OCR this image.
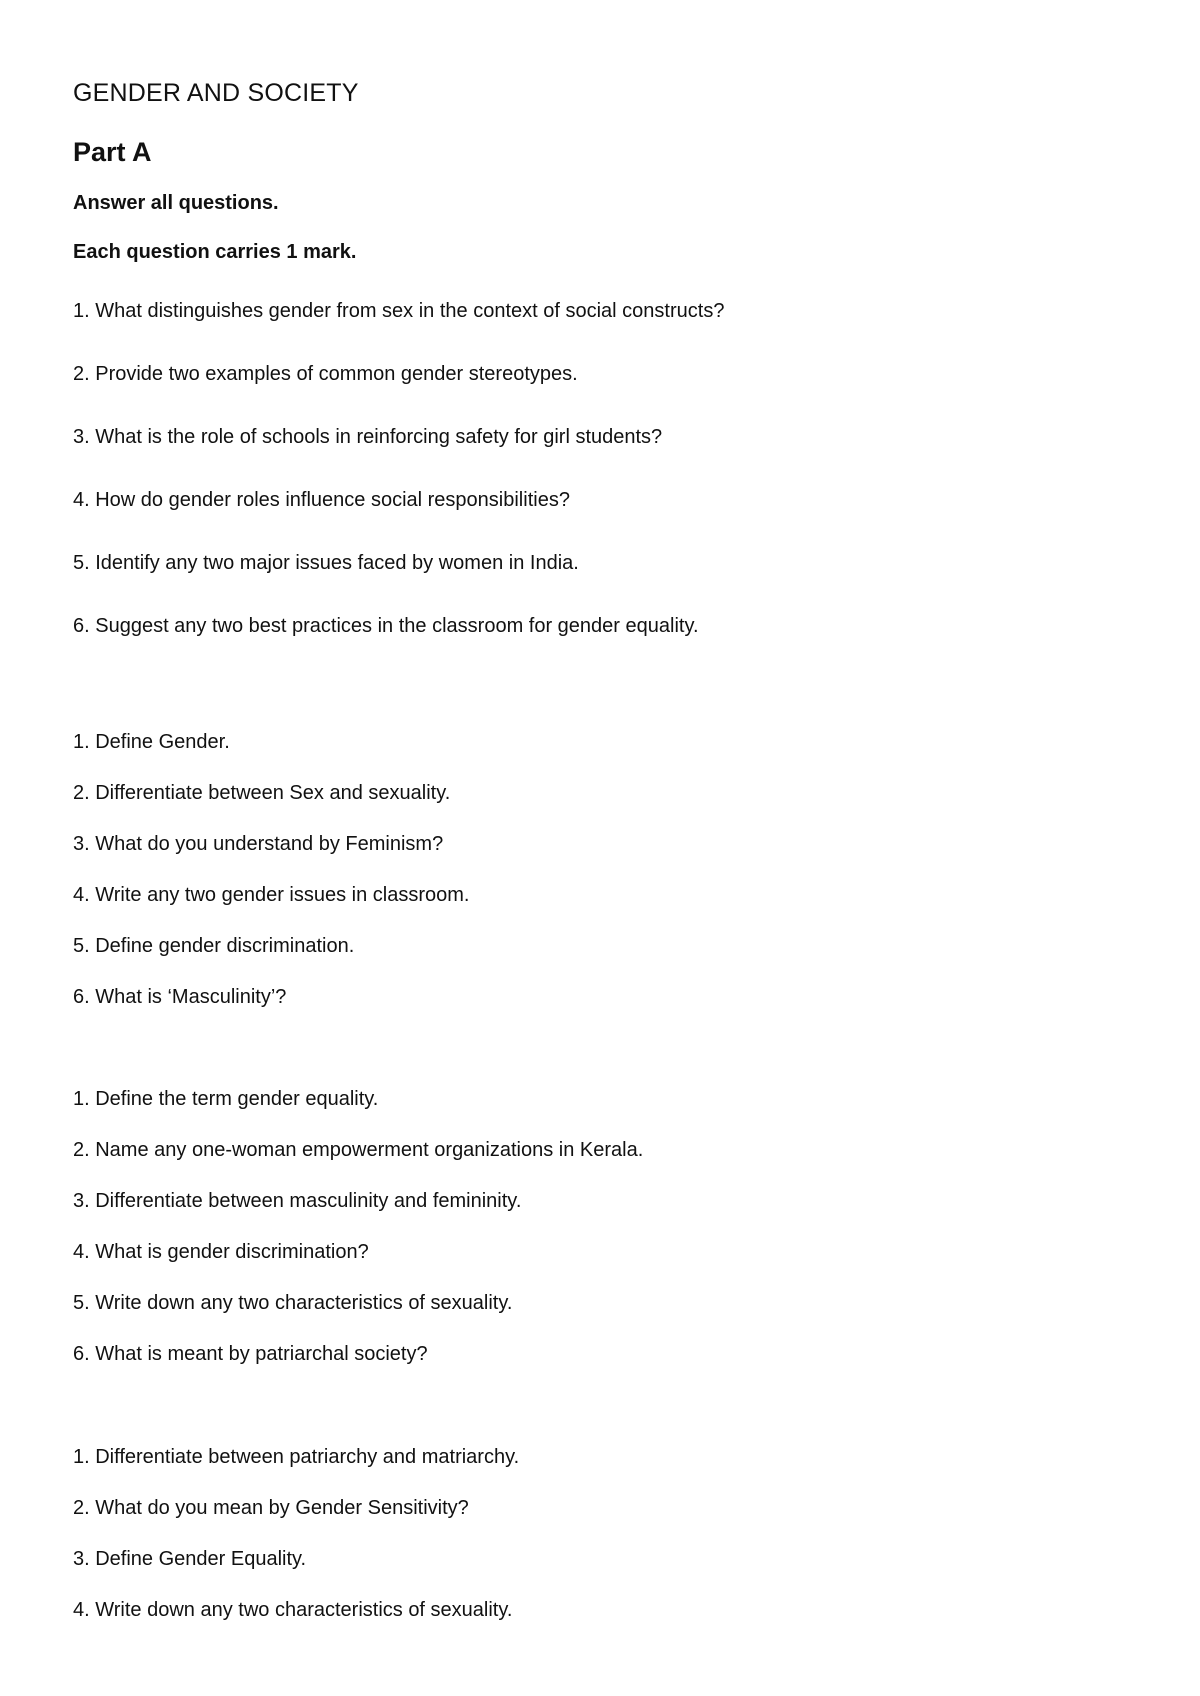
GENDER AND SOCIETY
Part A

Answer all questions.

Each question carries 1 mark.

1. What distinguishes gender from sex in the context of social constructs?
2. Provide two examples of common gender stereotypes.
3. What is the role of schools in reinforcing safety for girl students?
4. How do gender roles influence social responsibilities?
5. Identify any two major issues faced by women in India.
6. Suggest any two best practices in the classroom for gender equality.
1. Define Gender.
2. Differentiate between Sex and sexuality.
3. What do you understand by Feminism?
4. Write any two gender issues in classroom.
5. Define gender discrimination.
6. What is ‘Masculinity’?
1. Define the term gender equality.
2. Name any one-woman empowerment organizations in Kerala.
3. Differentiate between masculinity and femininity.
4. What is gender discrimination?
5. Write down any two characteristics of sexuality.
6. What is meant by patriarchal society?
1. Differentiate between patriarchy and matriarchy.
2. What do you mean by Gender Sensitivity?
3. Define Gender Equality.
4. Write down any two characteristics of sexuality.
